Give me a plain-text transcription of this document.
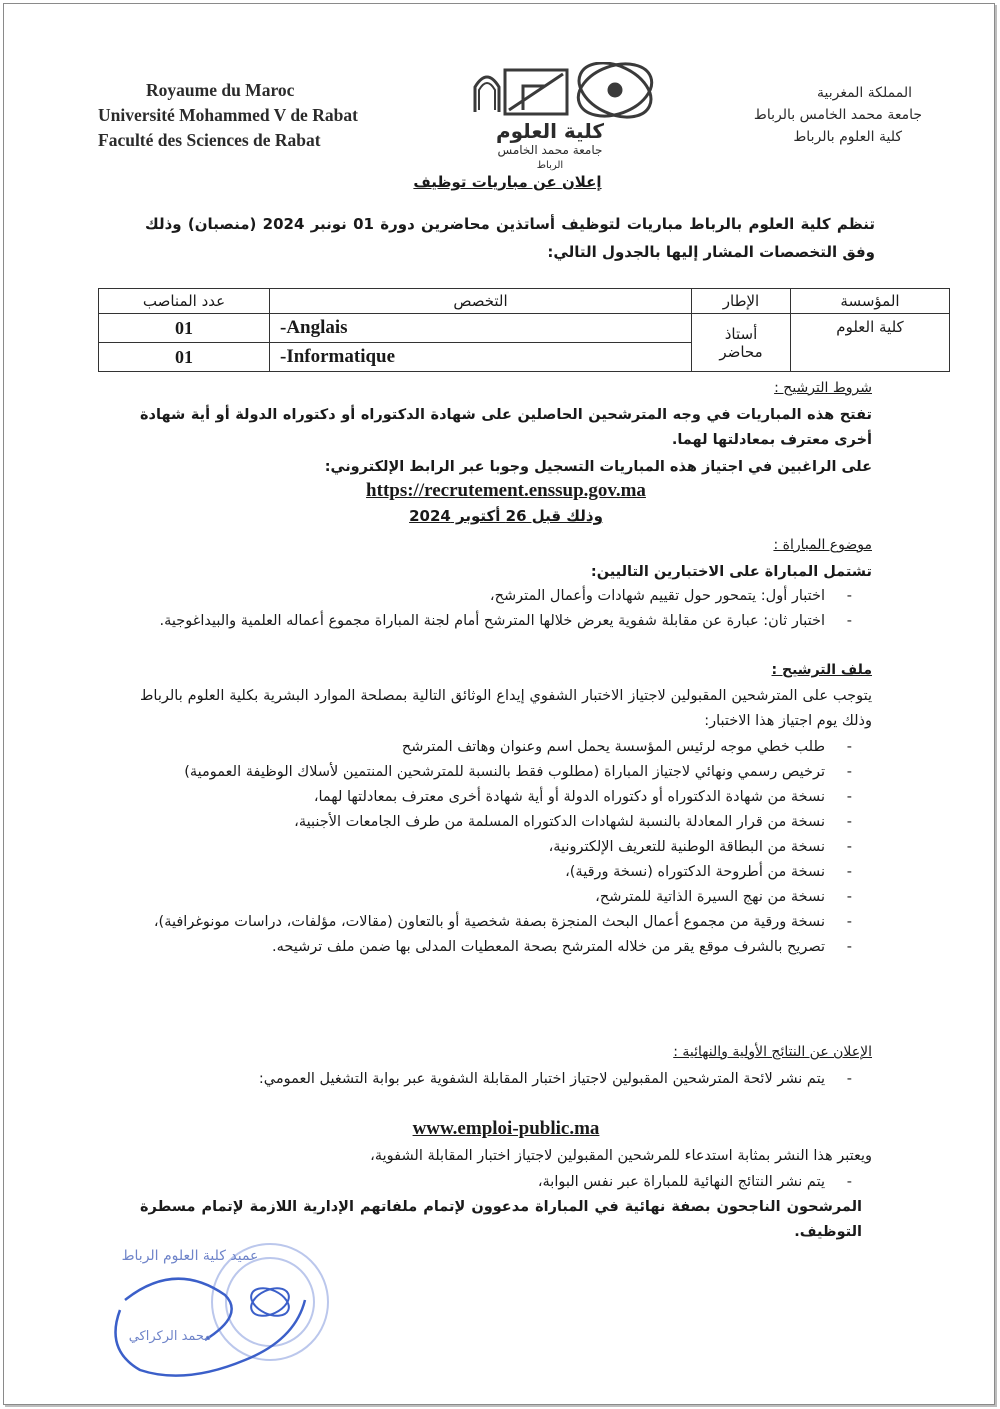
Royaume du Maroc
Université Mohammed V de Rabat
Faculté des Sciences de Rabat	كلية العلوم
جامعة محمد الخامس
الرباط
المملكة المغربية
جامعة محمد الخامس بالرباط
كلية العلوم بالرباط
إعلان عن مباريات توظيف
تنظم كلية العلوم بالرباط مباريات لتوظيف أساتذين محاضرين دورة 01 نونبر 2024 (منصبان) وذلك وفق التخصصات المشار إليها بالجدول التالي:
عدد المناصب	التخصص	الإطار	المؤسسة
01	-Anglais	أستاذ محاضر	كلية العلوم
01	-Informatique		
شروط الترشيح :
تفتح هذه المباريات في وجه المترشحين الحاصلين على شهادة الدكتوراه أو دكتوراه الدولة أو أية شهادة أخرى معترف بمعادلتها لهما.
على الراغبين في اجتياز هذه المباريات التسجيل وجوبا عبر الرابط الإلكتروني:
https://recrutement.enssup.gov.ma
وذلك قبل 26 أكتوبر 2024
موضوع المباراة :
تشتمل المباراة على الاختبارين التاليين:
- اختبار أول: يتمحور حول تقييم شهادات وأعمال المترشح،
- اختبار ثان: عبارة عن مقابلة شفوية يعرض خلالها المترشح أمام لجنة المباراة مجموع أعماله العلمية والبيداغوجية.
ملف الترشيح :
يتوجب على المترشحين المقبولين لاجتياز الاختبار الشفوي إيداع الوثائق التالية بمصلحة الموارد البشرية بكلية العلوم بالرباط وذلك يوم اجتياز هذا الاختبار:
- طلب خطي موجه لرئيس المؤسسة يحمل اسم وعنوان وهاتف المترشح
- ترخيص رسمي ونهائي لاجتياز المباراة (مطلوب فقط بالنسبة للمترشحين المنتمين لأسلاك الوظيفة العمومية)
- نسخة من شهادة الدكتوراه أو دكتوراه الدولة أو أية شهادة أخرى معترف بمعادلتها لهما،
- نسخة من قرار المعادلة بالنسبة لشهادات الدكتوراه المسلمة من طرف الجامعات الأجنبية،
- نسخة من البطاقة الوطنية للتعريف الإلكترونية،
- نسخة من أطروحة الدكتوراه (نسخة ورقية)،
- نسخة من نهج السيرة الذاتية للمترشح،
- نسخة ورقية من مجموع أعمال البحث المنجزة بصفة شخصية أو بالتعاون (مقالات، مؤلفات، دراسات مونوغرافية)،
- تصريح بالشرف موقع يقر من خلاله المترشح بصحة المعطيات المدلى بها ضمن ملف ترشيحه.
الإعلان عن النتائج الأولية والنهائية :
- يتم نشر لائحة المترشحين المقبولين لاجتياز اختبار المقابلة الشفوية عبر بوابة التشغيل العمومي:
www.emploi-public.ma
ويعتبر هذا النشر بمثابة استدعاء للمرشحين المقبولين لاجتياز اختبار المقابلة الشفوية،
- يتم نشر النتائج النهائية للمباراة عبر نفس البوابة،
المرشحون الناجحون بصفة نهائية في المباراة مدعوون لإتمام ملفاتهم الإدارية اللازمة لإتمام مسطرة التوظيف.
عميد كلية العلوم الرباط
محمد الركراكي
